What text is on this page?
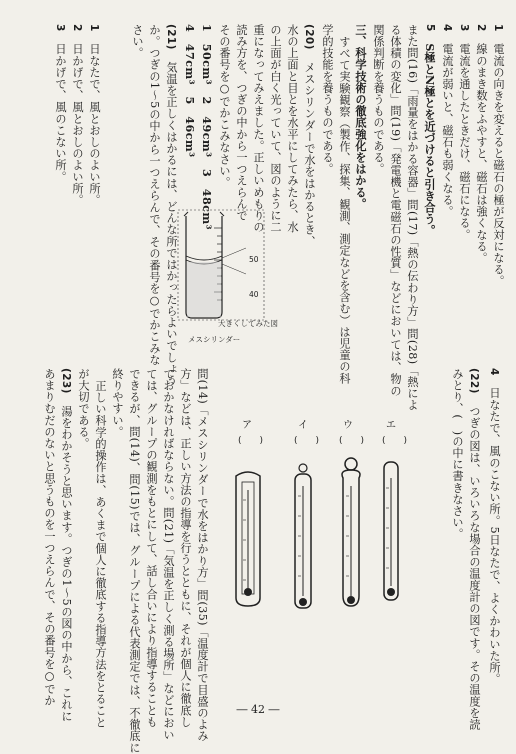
1　電流の向きを変えると磁石の極が反対になる。
2　線のまき数をふやすと、磁石は強くなる。
3　電流を通したときだけ、磁石になる。
4　電流が弱いと、磁石も弱くなる。
5　S極とN極とを近づけると引き合う。
また問(16)「雨量をはかる容器」問(17)「熱の伝わり方」問(28)「熱によ
る体積の変化」問(19)「発電機と電磁石の性質」などにおいては、物の
関係判断を養うものである。
三、科学技術の徹底強化をはかる。
すべて実験観察（製作、探集、観測、測定などを含む）は児童の科
学的技能を養うものである。
(20)　メスシリンダーで水をはかるとき、
水の上面と目とを水平にしてみたら、水
の上面が白く光っていて、図のように二
重になってみえました。正しいめもりの
読み方を、つぎの中から一つえらんで
その番号を○でかこみなさい。
1　50cm³　2　49cm³　3　48cm³
4　47cm³　5　46cm³
50
40
大きくしてみた図
メスシリンダー
(21)　気温を正しくはかるには、どんな所ではかったらよいでしょう
か。つぎの1〜5の中から一つえらんで、その番号を○でかこみな
さい。
1　日なたで、風とおしのよい所。
2　日かげで、風とおしのよい所。
3　日かげで、風のこない所。
4　日なたで、風のこない所。5日なたで、よくかわいた所。
(22)　つぎの図は、いろいろな場合の温度計の図です。その温度を読
みとり、(　)の中に書きなさい。
エ
(　　)
ウ
(　　)
イ
(　　)
ア
(　　)
問(14)「メスシリンダーで水をはかり方」問(35)「温度計で目盛のよみ
方」などは、正しい方法の指導を行うとともに、それが個人に徹底し
ておかなければならない。問(21)「気温を正しく測る場所」などにおい
ては、グループの観測をもとにして、話し合いにより指導することも
できるが、問(14)、問(15)では、グループによる代表測定では、不徹底に
終りやすい。
正しい科学的操作は、あくまで個人に徹底する指導方法をとること
が大切である。
(23)　湯をわかそうと思います。つぎの1〜5の図の中から、これに
あまりむだのないと思うものを一つえらんで、その番号を○でか
― 42 ―
